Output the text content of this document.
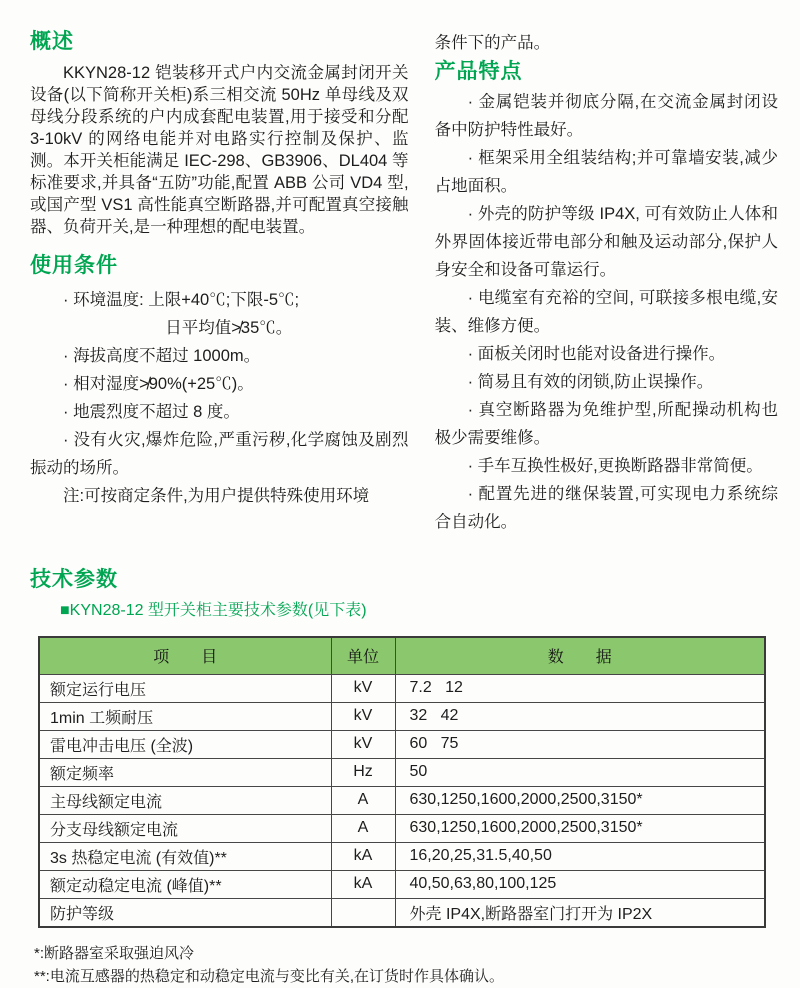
概述

KKYN28-12 铠装移开式户内交流金属封闭开关设备(以下简称开关柜)系三相交流 50Hz 单母线及双母线分段系统的户内成套配电装置,用于接受和分配 3-10kV 的网络电能并对电路实行控制及保护、监测。本开关柜能满足 IEC-298、GB3906、DL404 等标准要求,并具备“五防”功能,配置 ABB 公司 VD4 型,或国产型 VS1 高性能真空断路器,并可配置真空接触器、负荷开关,是一种理想的配电装置。

使用条件

· 环境温度: 上限+40℃;下限-5℃;

日平均值≯35℃。

· 海拔高度不超过 1000m。

· 相对湿度≯90%(+25℃)。

· 地震烈度不超过 8 度。

· 没有火灾,爆炸危险,严重污秽,化学腐蚀及剧烈振动的场所。

注:可按商定条件,为用户提供特殊使用环境

条件下的产品。

产品特点

· 金属铠装并彻底分隔,在交流金属封闭设备中防护特性最好。

· 框架采用全组装结构;并可靠墙安装,减少占地面积。

· 外壳的防护等级 IP4X, 可有效防止人体和外界固体接近带电部分和触及运动部分,保护人身安全和设备可靠运行。

· 电缆室有充裕的空间, 可联接多根电缆,安装、维修方便。

· 面板关闭时也能对设备进行操作。

· 简易且有效的闭锁,防止误操作。

· 真空断路器为免维护型,所配操动机构也极少需要维修。

· 手车互换性极好,更换断路器非常简便。

· 配置先进的继保装置,可实现电力系统综合自动化。

技术参数

■KYN28-12 型开关柜主要技术参数(见下表)

项　　目	单位	数　　据
额定运行电压	kV	7.2   12
1min 工频耐压	kV	32   42
雷电冲击电压 (全波)	kV	60   75
额定频率	Hz	50
主母线额定电流	A	630,1250,1600,2000,2500,3150*
分支母线额定电流	A	630,1250,1600,2000,2500,3150*
3s 热稳定电流 (有效值)**	kA	16,20,25,31.5,40,50
额定动稳定电流 (峰值)**	kA	40,50,63,80,100,125
防护等级		外壳 IP4X,断路器室门打开为 IP2X

*:断路器室采取强迫风冷

**:电流互感器的热稳定和动稳定电流与变比有关,在订货时作具体确认。
